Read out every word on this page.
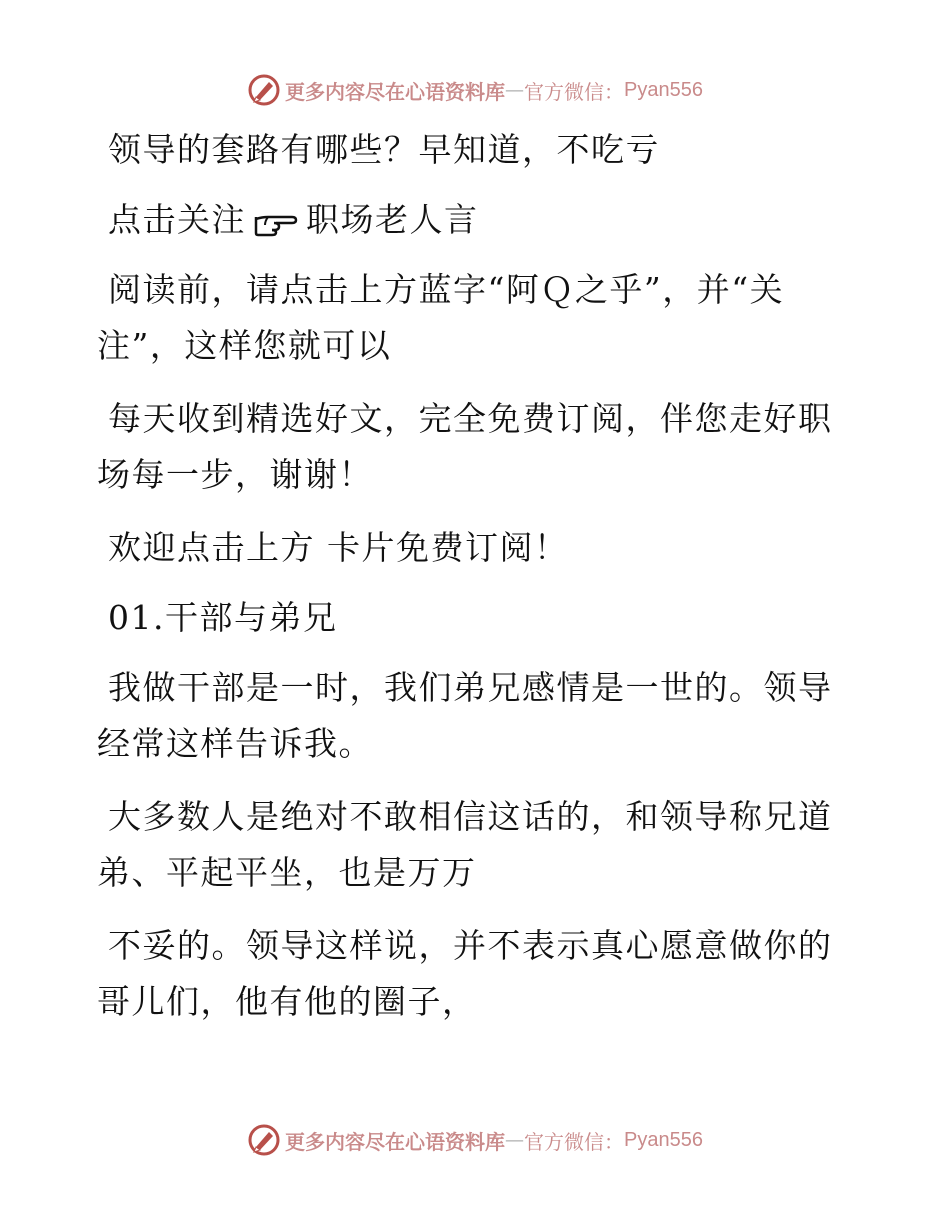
更多内容尽在心语资料库 — 官方微信： Pyan556

领导的套路有哪些？早知道，不吃亏

点击关注 职场老人言

阅读前，请点击上方蓝字“阿Ｑ之乎”，并“关注”，这样您就可以

每天收到精选好文，完全免费订阅，伴您走好职场每一步，谢谢！

欢迎点击上方 卡片免费订阅！

01.干部与弟兄

我做干部是一时，我们弟兄感情是一世的。领导经常这样告诉我。

大多数人是绝对不敢相信这话的，和领导称兄道弟、平起平坐，也是万万

不妥的。领导这样说，并不表示真心愿意做你的哥儿们，他有他的圈子，

更多内容尽在心语资料库 — 官方微信： Pyan556
